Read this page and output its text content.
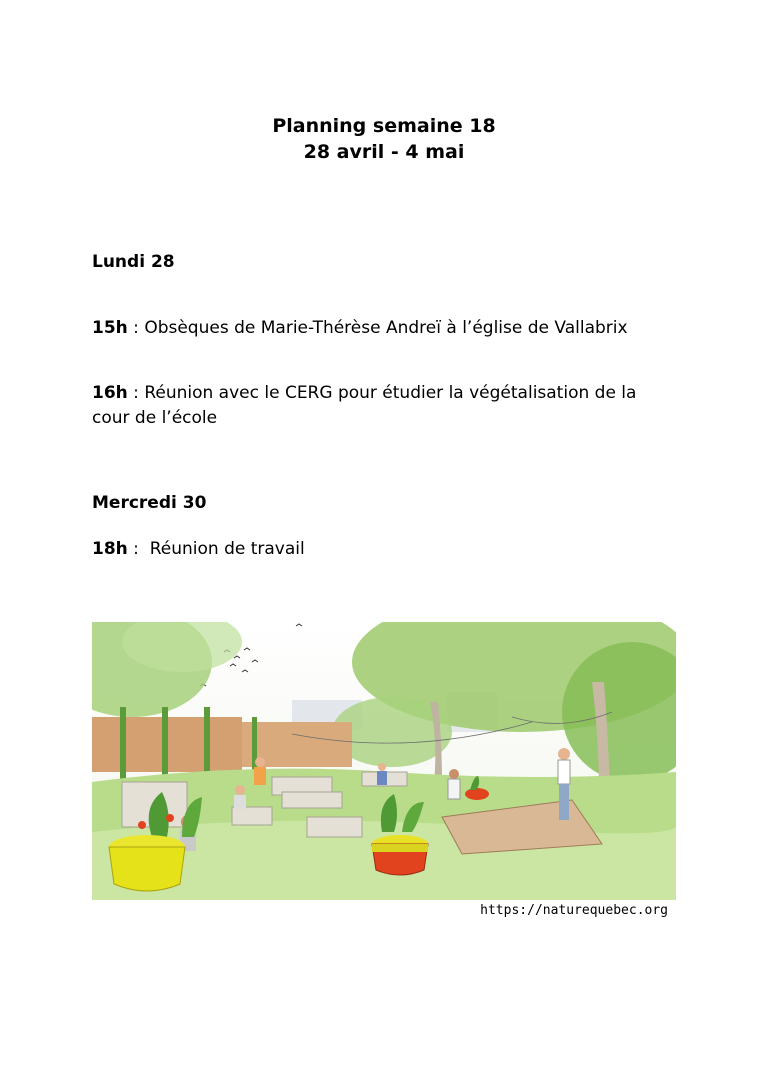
Planning semaine 18
28 avril - 4 mai
Lundi 28
15h : Obsèques de Marie-Thérèse Andreï à l’église de Vallabrix
16h : Réunion avec le CERG pour étudier la végétalisation de la
cour de l’école
Mercredi 30
18h :  Réunion de travail
https://naturequebec.org
